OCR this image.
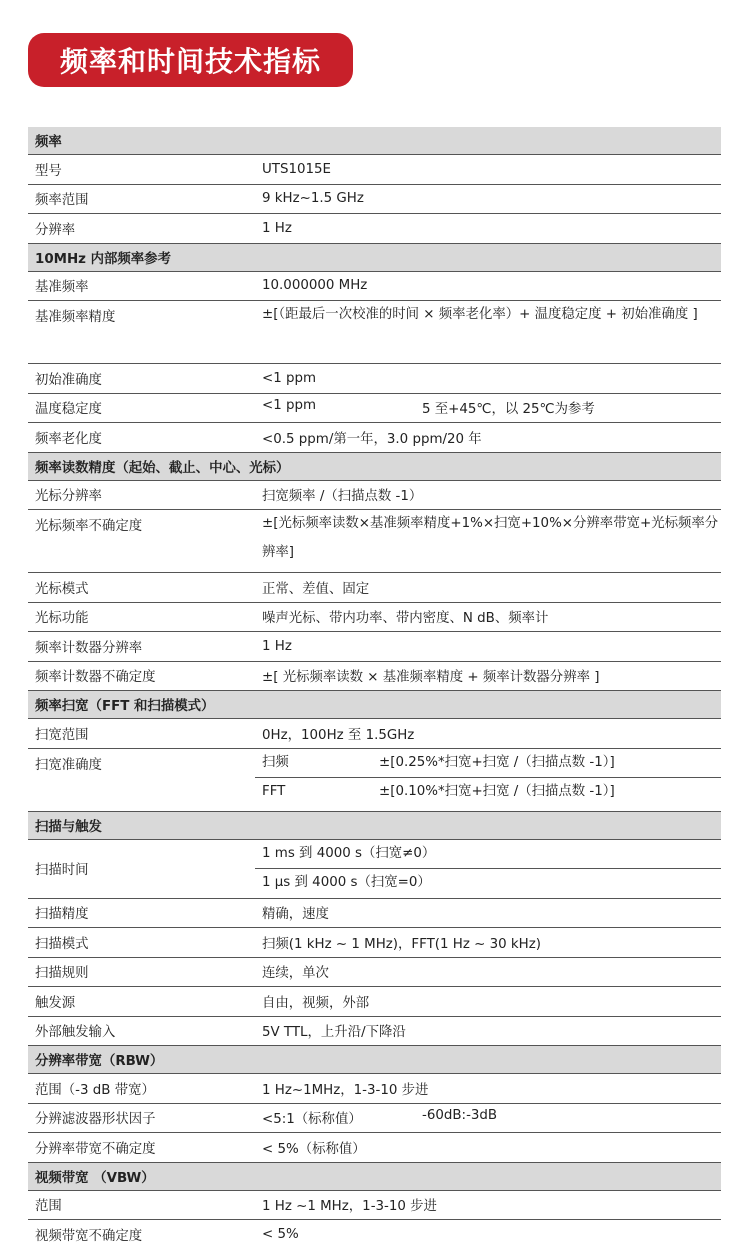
频率和时间技术指标
频率	
型号	UTS1015E
频率范围	9 kHz~1.5 GHz
分辨率	1 Hz
10MHz 内部频率参考	
基准频率	10.000000 MHz
基准频率精度	±[（距最后一次校准的时间 × 频率老化率）+ 温度稳定度 + 初始准确度 ]
初始准确度	<1 ppm
温度稳定度	<1 ppm 5 至+45℃，以 25℃为参考

频率老化度	<0.5 ppm/第一年，3.0 ppm/20 年
频率读数精度（起始、截止、中心、光标）	
光标分辨率	扫宽频率 /（扫描点数 -1）
光标频率不确定度	±[光标频率读数×基准频率精度+1%×扫宽+10%×分辨率带宽+光标频率分辨率]
光标模式	正常、差值、固定
光标功能	噪声光标、带内功率、带内密度、N dB、频率计
频率计数器分辨率	1 Hz
频率计数器不确定度	±[ 光标频率读数 × 基准频率精度 + 频率计数器分辨率 ]
频率扫宽（FFT 和扫描模式）	
扫宽范围	0Hz，100Hz 至 1.5GHz
扫宽准确度	扫频 ±[0.25%*扫宽+扫宽 /（扫描点数 -1）]
FFT ±[0.10%*扫宽+扫宽 /（扫描点数 -1）]

扫描与触发	
扫描时间	1 ms 到 4000 s（扫宽≠0）
1 μs 到 4000 s（扫宽=0）

扫描精度	精确，速度
扫描模式	扫频(1 kHz ~ 1 MHz)，FFT(1 Hz ~ 30 kHz)
扫描规则	连续，单次
触发源	自由，视频，外部
外部触发输入	5V TTL，上升沿/下降沿
分辨率带宽（RBW）	
范围（-3 dB 带宽）	1 Hz~1MHz，1-3-10 步进
分辨滤波器形状因子	<5:1（标称值） -60dB:-3dB

分辨率带宽不确定度	< 5%（标称值）
视频带宽 （VBW）	
范围	1 Hz ~1 MHz，1-3-10 步进
视频带宽不确定度	< 5%
